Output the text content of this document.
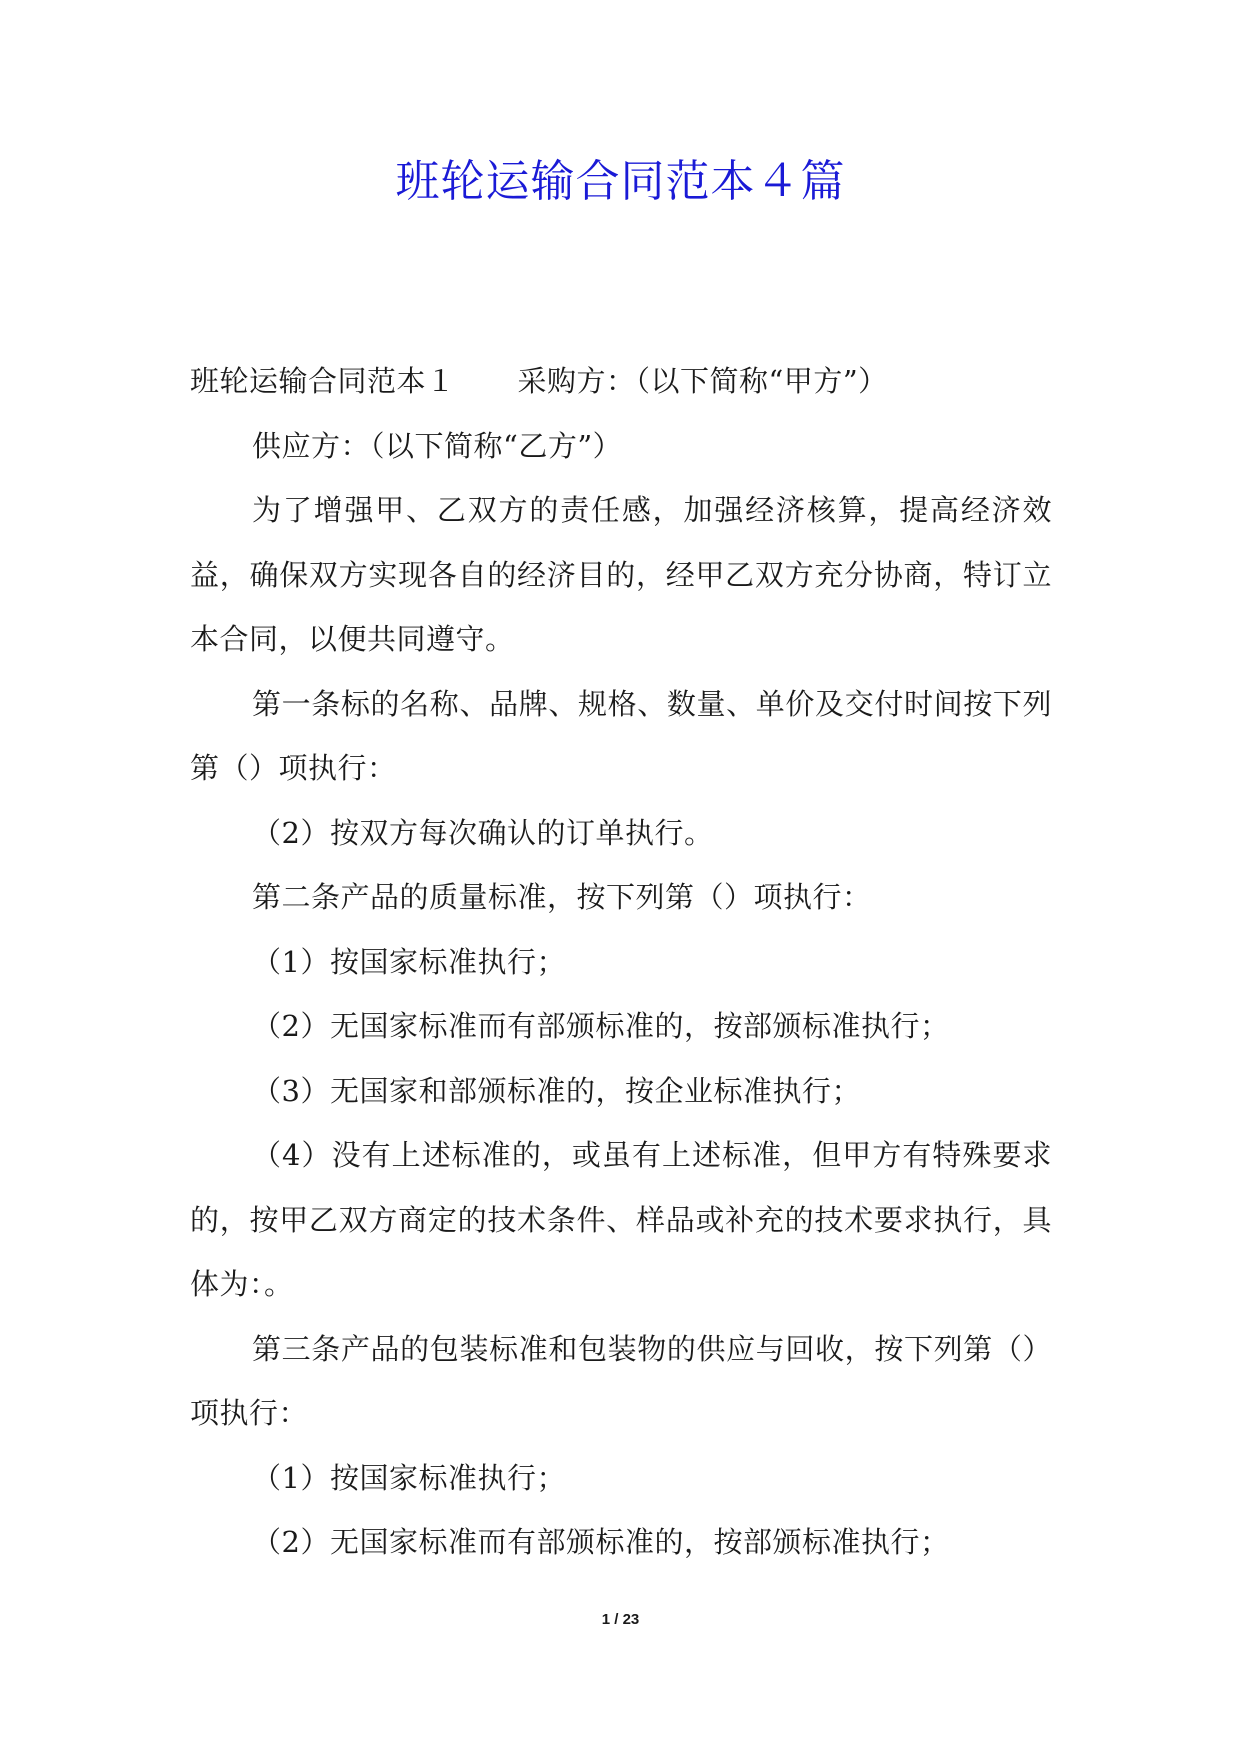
班轮运输合同范本４篇

班轮运输合同范本１ 采购方：（以下简称“甲方”）

供应方：（以下简称“乙方”）

为了增强甲、乙双方的责任感，加强经济核算，提高经济效益，确保双方实现各自的经济目的，经甲乙双方充分协商，特订立本合同，以便共同遵守。

第一条标的名称、品牌、规格、数量、单价及交付时间按下列第（）项执行：

（2）按双方每次确认的订单执行。

第二条产品的质量标准，按下列第（）项执行：

（1）按国家标准执行；

（2）无国家标准而有部颁标准的，按部颁标准执行；

（3）无国家和部颁标准的，按企业标准执行；

（4）没有上述标准的，或虽有上述标准，但甲方有特殊要求的，按甲乙双方商定的技术条件、样品或补充的技术要求执行，具体为：。

第三条产品的包装标准和包装物的供应与回收，按下列第（）项执行：

（1）按国家标准执行；

（2）无国家标准而有部颁标准的，按部颁标准执行；

1 / 23
